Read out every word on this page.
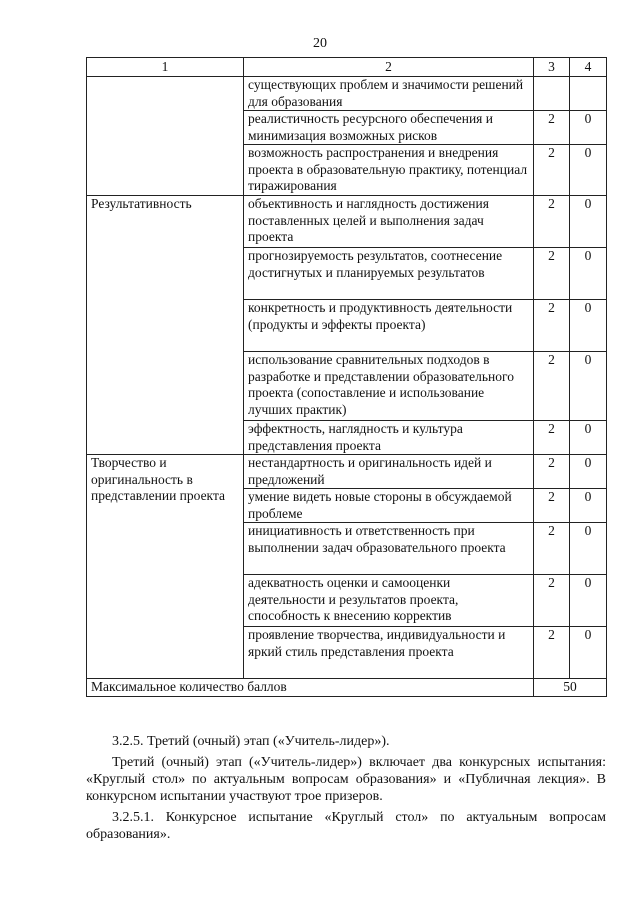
20
1	2	3	4
	существующих проблем и значимости решений для образования		
	реалистичность ресурсного обеспечения и минимизация возможных рисков	2	0
	возможность распространения и внедрения проекта в образовательную практику, потенциал тиражирования	2	0
Результативность	объективность и наглядность достижения поставленных целей и выполнения задач проекта	2	0
	прогнозируемость результатов, соотнесение достигнутых и планируемых результатов	2	0
	конкретность и продуктивность деятельности (продукты и эффекты проекта)	2	0
	использование сравнительных подходов в разработке и представлении образовательного проекта (сопоставление и использование лучших практик)	2	0
	эффектность, наглядность и культура представления проекта	2	0
Творчество и оригинальность в представлении проекта	нестандартность и оригинальность идей и предложений	2	0
	умение видеть новые стороны в обсуждаемой проблеме	2	0
	инициативность и ответственность при выполнении задач образовательного проекта	2	0
	адекватность оценки и самооценки деятельности и результатов проекта, способность к внесению корректив	2	0
	проявление творчества, индивидуальности и яркий стиль представления проекта	2	0
Максимальное количество баллов		50	

3.2.5. Третий (очный) этап («Учитель-лидер»).

Третий (очный) этап («Учитель-лидер») включает два конкурсных испытания: «Круглый стол» по актуальным вопросам образования» и «Публичная лекция». В конкурсном испытании участвуют трое призеров.

3.2.5.1. Конкурсное испытание «Круглый стол» по актуальным вопросам образования».
